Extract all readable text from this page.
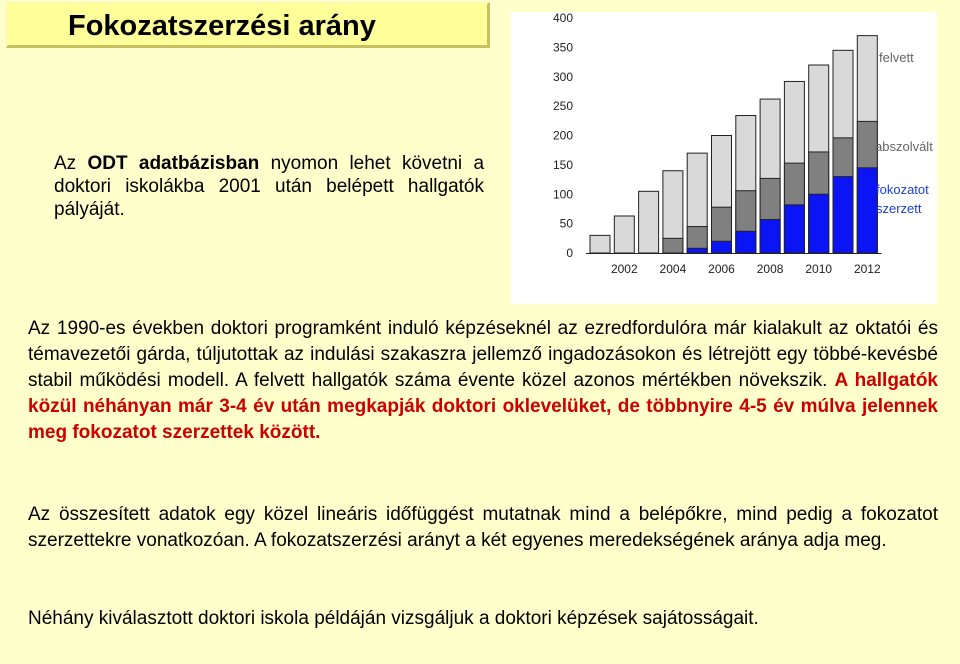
Fokozatszerzési arány
Az ODT adatbázisban nyomon lehet követni a doktori iskolákba 2001 után belépett hallgatók pályáját.
0
50
100
150
200
250
300
350
400
2002 2004 2006 2008 2010 2012
felvett
abszolvált
fokozatot
szerzett
Az 1990-es években doktori programként induló képzéseknél az ezredfordulóra már kialakult az oktatói és témavezetői gárda, túljutottak az indulási szakaszra jellemző ingadozásokon és létrejött egy többé-kevésbé stabil működési modell. A felvett hallgatók száma évente közel azonos mértékben növekszik. A hallgatók közül néhányan már 3-4 év után megkapják doktori oklevelüket, de többnyire 4-5 év múlva jelennek meg fokozatot szerzettek között.
Az összesített adatok egy közel lineáris időfüggést mutatnak mind a belépőkre, mind pedig a fokozatot szerzettekre vonatkozóan. A fokozatszerzési arányt a két egyenes meredekségének aránya adja meg.
Néhány kiválasztott doktori iskola példáján vizsgáljuk a doktori képzések sajátosságait.
